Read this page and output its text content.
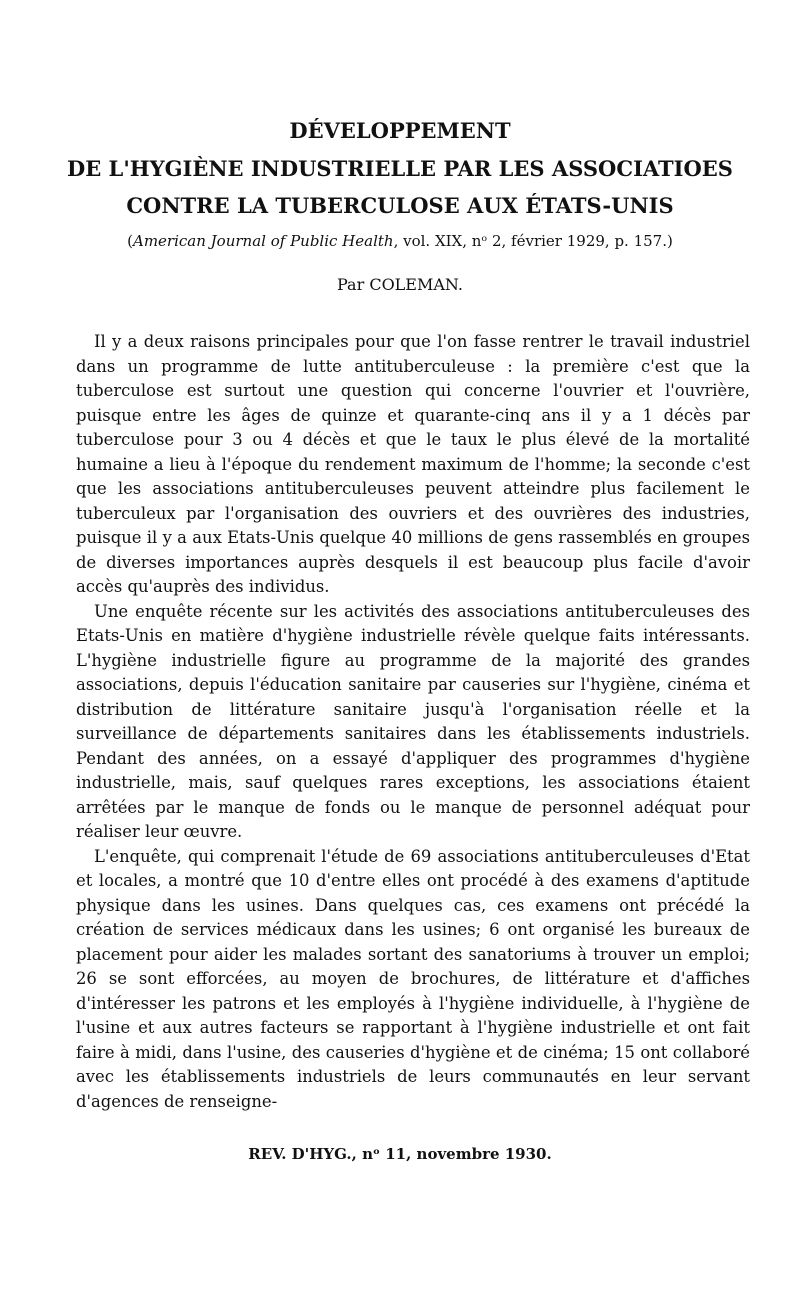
DÉVELOPPEMENT
DE L'HYGIÈNE INDUSTRIELLE PAR LES ASSOCIATIOES
CONTRE LA TUBERCULOSE AUX ÉTATS-UNIS
(American Journal of Public Health, vol. XIX, nᵒ 2, février 1929, p. 157.)
Par COLEMAN.

Il y a deux raisons principales pour que l'on fasse rentrer le travail industriel dans un programme de lutte antituberculeuse : la première c'est que la tuberculose est surtout une question qui concerne l'ouvrier et l'ouvrière, puisque entre les âges de quinze et quarante-cinq ans il y a 1 décès par tuberculose pour 3 ou 4 décès et que le taux le plus élevé de la mortalité humaine a lieu à l'époque du rendement maximum de l'homme; la seconde c'est que les associations antituberculeuses peuvent atteindre plus facilement le tuberculeux par l'organisation des ouvriers et des ouvrières des industries, puisque il y a aux Etats-Unis quelque 40 millions de gens rassemblés en groupes de diverses importances auprès desquels il est beaucoup plus facile d'avoir accès qu'auprès des individus.

Une enquête récente sur les activités des associations antituberculeuses des Etats-Unis en matière d'hygiène industrielle révèle quelque faits intéressants. L'hygiène industrielle figure au programme de la majorité des grandes associations, depuis l'éducation sanitaire par causeries sur l'hygiène, cinéma et distribution de littérature sanitaire jusqu'à l'organisation réelle et la surveillance de départements sanitaires dans les établissements industriels. Pendant des années, on a essayé d'appliquer des programmes d'hygiène industrielle, mais, sauf quelques rares exceptions, les associations étaient arrêtées par le manque de fonds ou le manque de personnel adéquat pour réaliser leur œuvre.

L'enquête, qui comprenait l'étude de 69 associations antituberculeuses d'Etat et locales, a montré que 10 d'entre elles ont procédé à des examens d'aptitude physique dans les usines. Dans quelques cas, ces examens ont précédé la création de services médicaux dans les usines; 6 ont organisé les bureaux de placement pour aider les malades sortant des sanatoriums à trouver un emploi; 26 se sont efforcées, au moyen de brochures, de littérature et d'affiches d'intéresser les patrons et les employés à l'hygiène individuelle, à l'hygiène de l'usine et aux autres facteurs se rapportant à l'hygiène industrielle et ont fait faire à midi, dans l'usine, des causeries d'hygiène et de cinéma; 15 ont collaboré avec les établissements industriels de leurs communautés en leur servant d'agences de renseigne-

REV. D'HYG., nᵒ 11, novembre 1930.
